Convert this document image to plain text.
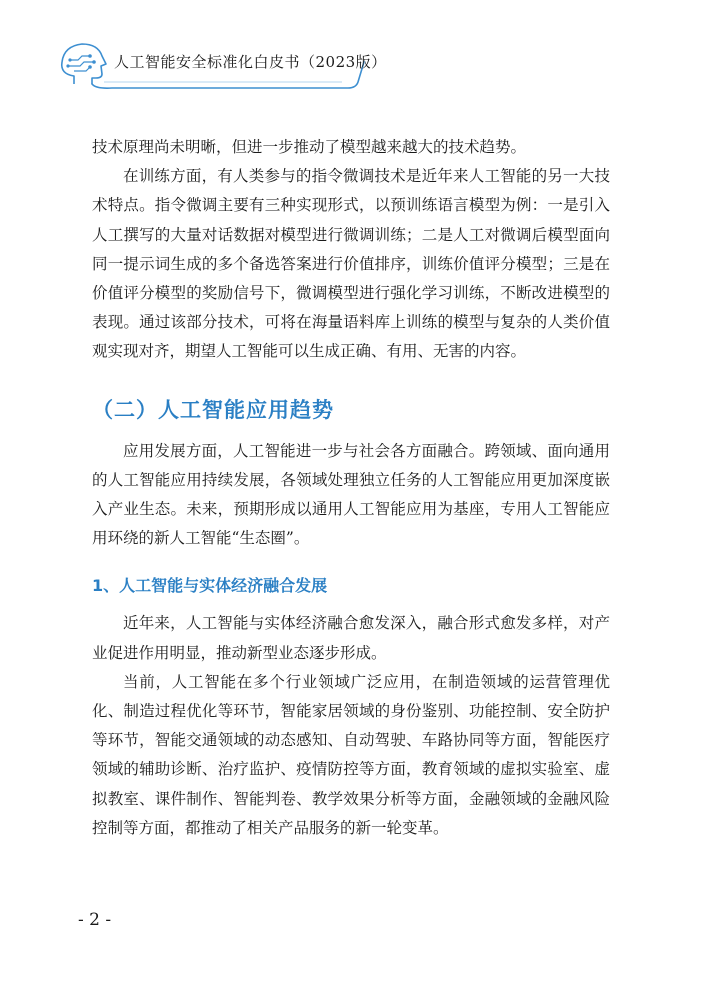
人工智能安全标准化白皮书（2023版）

技术原理尚未明晰，但进一步推动了模型越来越大的技术趋势。

在训练方面，有人类参与的指令微调技术是近年来人工智能的另一大技术特点。指令微调主要有三种实现形式，以预训练语言模型为例：一是引入人工撰写的大量对话数据对模型进行微调训练；二是人工对微调后模型面向同一提示词生成的多个备选答案进行价值排序，训练价值评分模型；三是在价值评分模型的奖励信号下，微调模型进行强化学习训练，不断改进模型的表现。通过该部分技术，可将在海量语料库上训练的模型与复杂的人类价值观实现对齐，期望人工智能可以生成正确、有用、无害的内容。

（二）人工智能应用趋势

应用发展方面，人工智能进一步与社会各方面融合。跨领域、面向通用的人工智能应用持续发展，各领域处理独立任务的人工智能应用更加深度嵌入产业生态。未来，预期形成以通用人工智能应用为基座，专用人工智能应用环绕的新人工智能“生态圈”。

1、人工智能与实体经济融合发展

近年来，人工智能与实体经济融合愈发深入，融合形式愈发多样，对产业促进作用明显，推动新型业态逐步形成。

当前，人工智能在多个行业领域广泛应用，在制造领域的运营管理优化、制造过程优化等环节，智能家居领域的身份鉴别、功能控制、安全防护等环节，智能交通领域的动态感知、自动驾驶、车路协同等方面，智能医疗领域的辅助诊断、治疗监护、疫情防控等方面，教育领域的虚拟实验室、虚拟教室、课件制作、智能判卷、教学效果分析等方面，金融领域的金融风险控制等方面，都推动了相关产品服务的新一轮变革。

- 2 -
